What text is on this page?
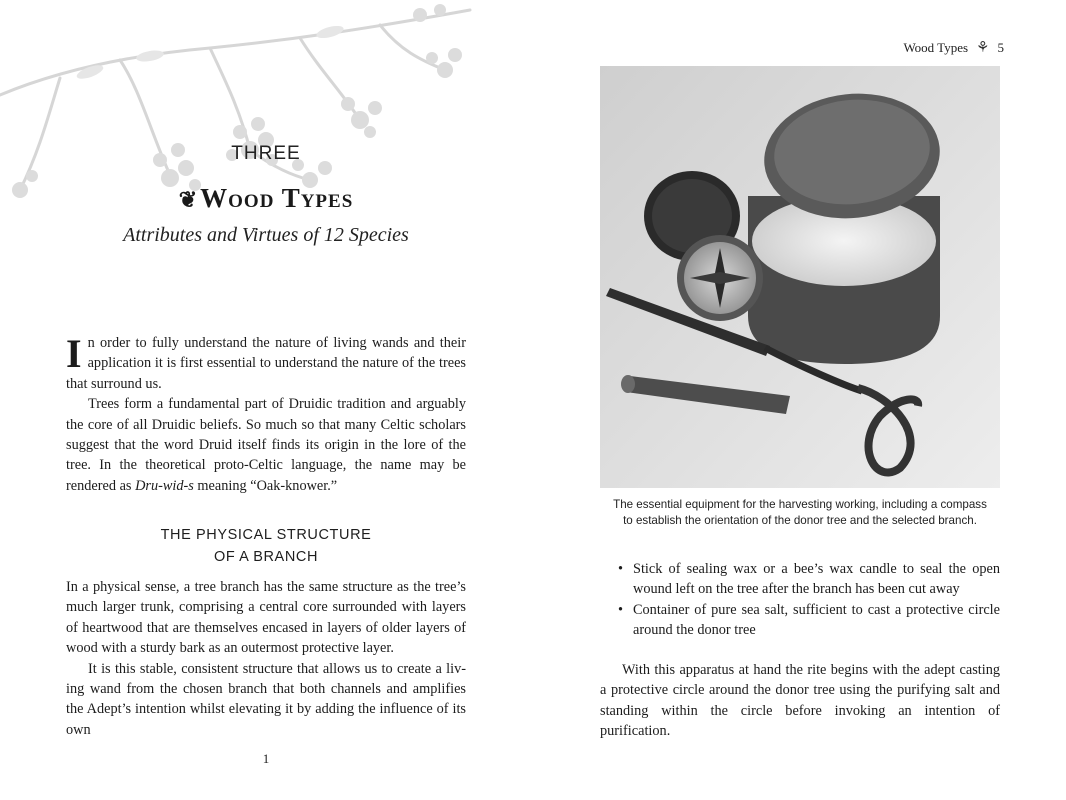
THREE
❦Wood Types
Attributes and Virtues of 12 Species

In order to fully understand the nature of living wands and their application it is first essential to understand the nature of the trees that surround us.

Trees form a fundamental part of Druidic tradition and arguably the core of all Druidic beliefs. So much so that many Celtic scholars suggest that the word Druid itself finds its origin in the lore of the tree. In the theoretical proto-Celtic language, the name may be rendered as Dru-wid-s meaning “Oak-knower.”

THE PHYSICAL STRUCTURE
OF A BRANCH

In a physical sense, a tree branch has the same structure as the tree’s much larger trunk, comprising a central core surrounded with layers of heartwood that are themselves encased in layers of older layers of wood with a sturdy bark as an outermost protective layer.

It is this stable, consistent structure that allows us to create a living wand from the chosen branch that both channels and amplifies the Adept’s intention whilst elevating it by adding the influence of its own

1
Wood Types ⚘ 5
The essential equipment for the harvesting working, including a compass
to establish the orientation of the donor tree and the selected branch.
• Stick of sealing wax or a bee’s wax candle to seal the open wound left on the tree after the branch has been cut away
• Container of pure sea salt, sufficient to cast a protective circle around the donor tree

With this apparatus at hand the rite begins with the adept casting a protective circle around the donor tree using the purifying salt and standing within the circle before invoking an intention of purification.
